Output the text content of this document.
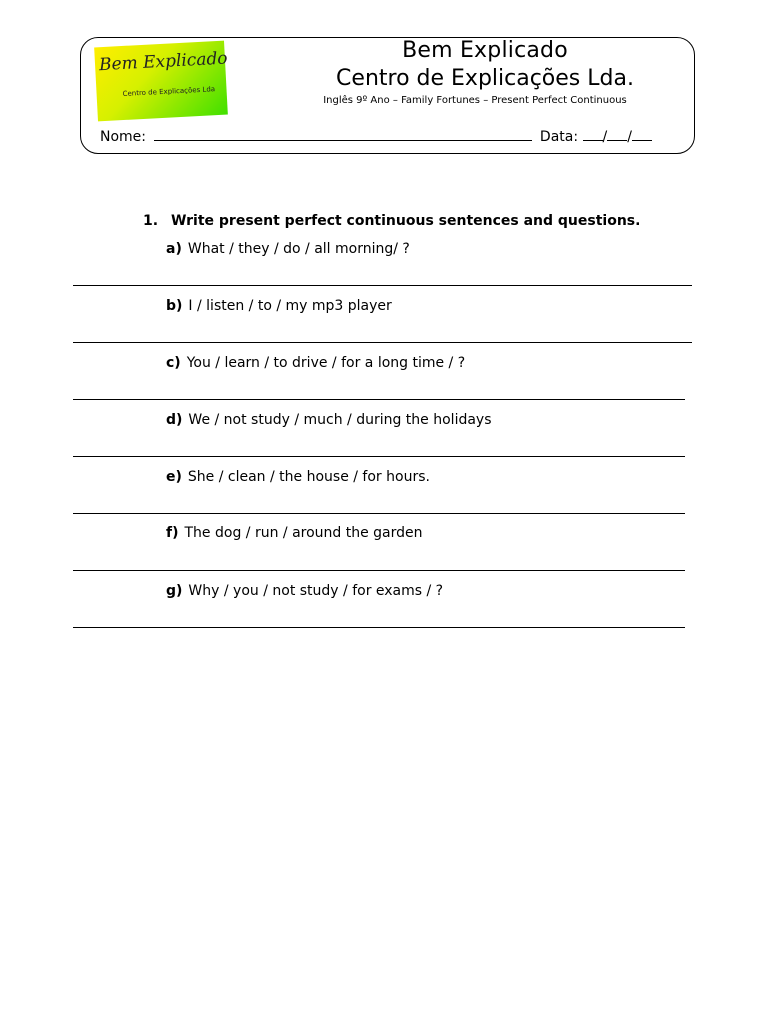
Bem Explicado
Centro de Explicações Lda
Bem Explicado
Centro de Explicações Lda.
Inglês 9º Ano – Family Fortunes – Present Perfect Continuous
Nome:	Data: / /
1. Write present perfect continuous sentences and questions.
a) What / they / do / all morning/ ?
b) I / listen / to / my mp3 player
c) You / learn / to drive / for a long time / ?
d) We / not study / much / during the holidays
e) She / clean / the house / for hours.
f) The dog / run / around the garden
g) Why / you / not study / for exams / ?
